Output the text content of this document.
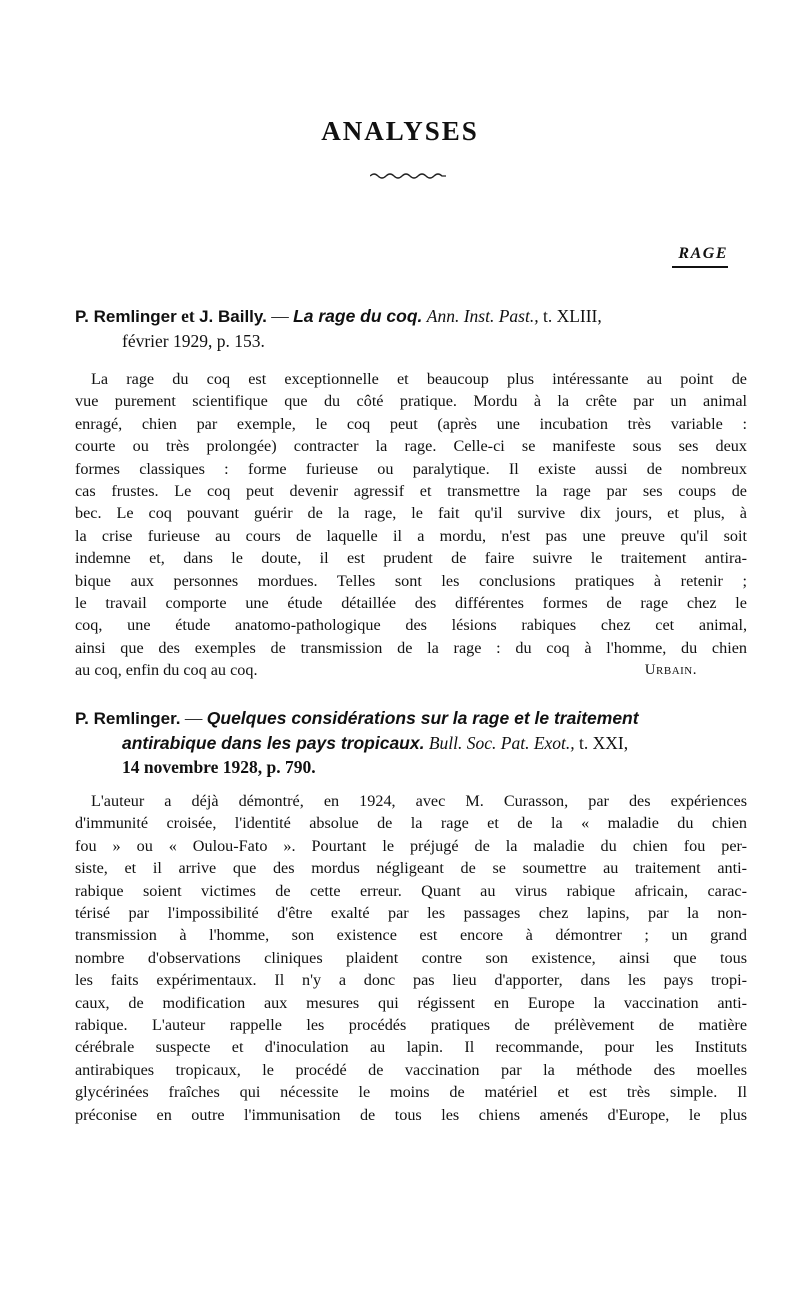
ANALYSES
RAGE
P. Remlinger et J. Bailly. — La rage du coq. Ann. Inst. Past., t. XLIII,
février 1929, p. 153.
La rage du coq est exceptionnelle et beaucoup plus intéressante au point de
vue purement scientifique que du côté pratique. Mordu à la crête par un animal
enragé, chien par exemple, le coq peut (après une incubation très variable :
courte ou très prolongée) contracter la rage. Celle-ci se manifeste sous ses deux
formes classiques : forme furieuse ou paralytique. Il existe aussi de nombreux
cas frustes. Le coq peut devenir agressif et transmettre la rage par ses coups de
bec. Le coq pouvant guérir de la rage, le fait qu'il survive dix jours, et plus, à
la crise furieuse au cours de laquelle il a mordu, n'est pas une preuve qu'il soit
indemne et, dans le doute, il est prudent de faire suivre le traitement antira-
bique aux personnes mordues. Telles sont les conclusions pratiques à retenir ;
le travail comporte une étude détaillée des différentes formes de rage chez le
coq, une étude anatomo-pathologique des lésions rabiques chez cet animal,
ainsi que des exemples de transmission de la rage : du coq à l'homme, du chien
au coq, enfin du coq au coq.	Urbain.
P. Remlinger. — Quelques considérations sur la rage et le traitement
antirabique dans les pays tropicaux. Bull. Soc. Pat. Exot., t. XXI,
14 novembre 1928, p. 790.
L'auteur a déjà démontré, en 1924, avec M. Curasson, par des expériences
d'immunité croisée, l'identité absolue de la rage et de la « maladie du chien
fou » ou « Oulou-Fato ». Pourtant le préjugé de la maladie du chien fou per-
siste, et il arrive que des mordus négligeant de se soumettre au traitement anti-
rabique soient victimes de cette erreur. Quant au virus rabique africain, carac-
térisé par l'impossibilité d'être exalté par les passages chez lapins, par la non-
transmission à l'homme, son existence est encore à démontrer ; un grand
nombre d'observations cliniques plaident contre son existence, ainsi que tous
les faits expérimentaux. Il n'y a donc pas lieu d'apporter, dans les pays tropi-
caux, de modification aux mesures qui régissent en Europe la vaccination anti-
rabique. L'auteur rappelle les procédés pratiques de prélèvement de matière
cérébrale suspecte et d'inoculation au lapin. Il recommande, pour les Instituts
antirabiques tropicaux, le procédé de vaccination par la méthode des moelles
glycérinées fraîches qui nécessite le moins de matériel et est très simple. Il
préconise en outre l'immunisation de tous les chiens amenés d'Europe, le plus
